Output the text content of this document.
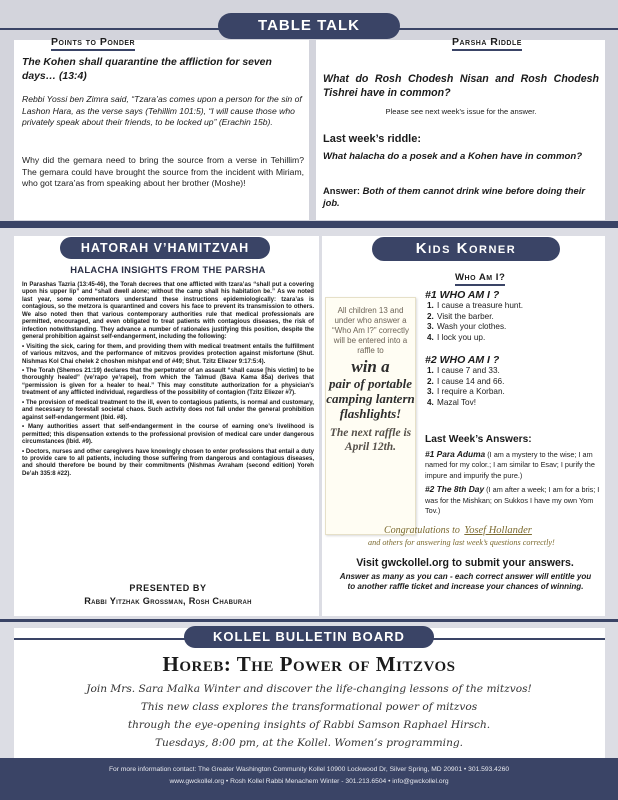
TABLE TALK
Points to Ponder	Parsha Riddle
The Kohen shall quarantine the affliction for seven days… (13:4)
Rebbi Yossi ben Zimra said, “Tzara’as comes upon a person for the sin of Lashon Hara, as the verse says (Tehillim 101:5), “I will cause those who privately speak about their friends, to be locked up” (Erachin 15b).
Why did the gemara need to bring the source from a verse in Tehillim? The gemara could have brought the source from the incident with Miriam, who got tzara’as from speaking about her brother (Moshe)!
What do Rosh Chodesh Nisan and Rosh Chodesh Tishrei have in common?
Please see next week’s issue for the answer.
Last week’s riddle:
What halacha do a posek and a Kohen have in common?
Answer: Both of them cannot drink wine before doing their job.
HATORAH V’HAMITZVAH
HALACHA INSIGHTS FROM THE PARSHA

In Parashas Tazria (13:45-46), the Torah decrees that one afflicted with tzara’as “shall put a covering upon his upper lip” and “shall dwell alone; without the camp shall his habitation be.” As we noted last year, some commentators understand these instructions epidemiologically: tzara’as is contagious, so the metzora is quarantined and covers his face to prevent its transmission to others. We also noted then that various contemporary authorities rule that medical professionals are permitted, encouraged, and even obligated to treat patients with contagious diseases, the risk of infection notwithstanding. They advance a number of rationales justifying this position, despite the general prohibition against self-endangerment, including the following:

• Visiting the sick, caring for them, and providing them with medical treatment entails the fulfillment of various mitzvos, and the performance of mitzvos provides protection against misfortune (Shut. Nishmas Kol Chai chelek 2 choshen mishpat end of #49; Shut. Tzitz Eliezer 9:17:5:4).

• The Torah (Shemos 21:19) declares that the perpetrator of an assault “shall cause [his victim] to be thoroughly healed” (ve’rapo ye’rapei), from which the Talmud (Bava Kama 85a) derives that “permission is given for a healer to heal.” This may constitute authorization for a physician’s treatment of any afflicted individual, regardless of the possibility of contagion (Tzitz Eliezer #7).

• The provision of medical treatment to the ill, even to contagious patients, is normal and customary, and necessary to forestall societal chaos. Such activity does not fall under the general prohibition against self-endangerment (Ibid. #8).

• Many authorities assert that self-endangerment in the course of earning one’s livelihood is permitted; this dispensation extends to the professional provision of medical care under dangerous circumstances (Ibid. #9).

• Doctors, nurses and other caregivers have knowingly chosen to enter professions that entail a duty to provide care to all patients, including those suffering from dangerous and contagious diseases, and should therefore be bound by their commitments (Nishmas Avraham (second edition) Yoreh De’ah 335:8 #22).

PRESENTED BY
Rabbi Yitzhak Grossman, Rosh Chaburah
Kids Korner
Who Am I?
#1 WHO AM I ?
1. I cause a treasure hunt.
2. Visit the barber.
3. Wash your clothes.
4. I lock you up.
#2 WHO AM I ?
1. I cause 7 and 33.
2. I cause 14 and 66.
3. I require a Korban.
4. Mazal Tov!
All children 13 and under who answer a “Who Am I?” correctly will be entered into a raffle to
win a
pair of portable
camping lantern flashlights!
The next raffle is April 12th.
Last Week’s Answers:
#1 Para Aduma (I am a mystery to the wise; I am named for my color.; I am similar to Esav; I purify the impure and impurify the pure.)
#2 The 8th Day (I am after a week; I am for a bris; I was for the Mishkan; on Sukkos I have my own Yom Tov.)
Congratulations to Yosef Hollander
and others for answering last week’s questions correctly!
Visit gwckollel.org to submit your answers.
Answer as many as you can - each correct answer will entitle you to another raffle ticket and increase your chances of winning.
KOLLEL BULLETIN BOARD
Horeb: The Power of Mitzvos
Join Mrs. Sara Malka Winter and discover the life-changing lessons of the mitzvos!
This new class explores the transformational power of mitzvos
through the eye-opening insights of Rabbi Samson Raphael Hirsch.
Tuesdays, 8:00 pm, at the Kollel. Women’s programming.
For more information contact: The Greater Washington Community Kollel 10900 Lockwood Dr, Silver Spring, MD 20901 • 301.593.4260
www.gwckollel.org • Rosh Kollel Rabbi Menachem Winter - 301.213.6504 • info@gwckollel.org
